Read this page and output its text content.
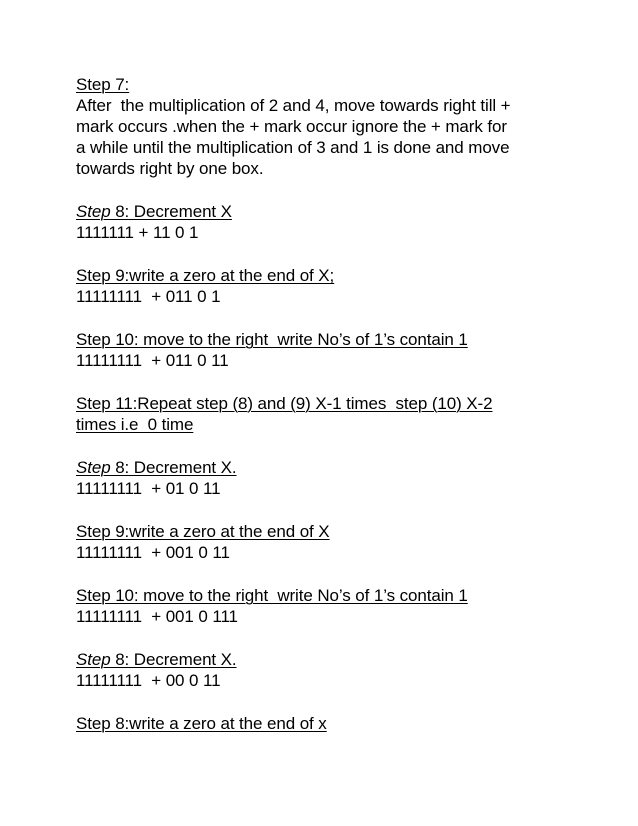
Step 7:
After  the multiplication of 2 and 4, move towards right till +
mark occurs .when the + mark occur ignore the + mark for
a while until the multiplication of 3 and 1 is done and move
towards right by one box.
Step 8: Decrement X
1111111 + 11 0 1
Step 9:write a zero at the end of X;
11111111  + 011 0 1
Step 10: move to the right  write No’s of 1’s contain 1
11111111  + 011 0 11
Step 11:Repeat step (8) and (9) X-1 times  step (10) X-2
times i.e  0 time
Step 8: Decrement X.
11111111  + 01 0 11
Step 9:write a zero at the end of X
11111111  + 001 0 11
Step 10: move to the right  write No’s of 1’s contain 1
11111111  + 001 0 111
Step 8: Decrement X.
11111111  + 00 0 11
Step 8:write a zero at the end of x
